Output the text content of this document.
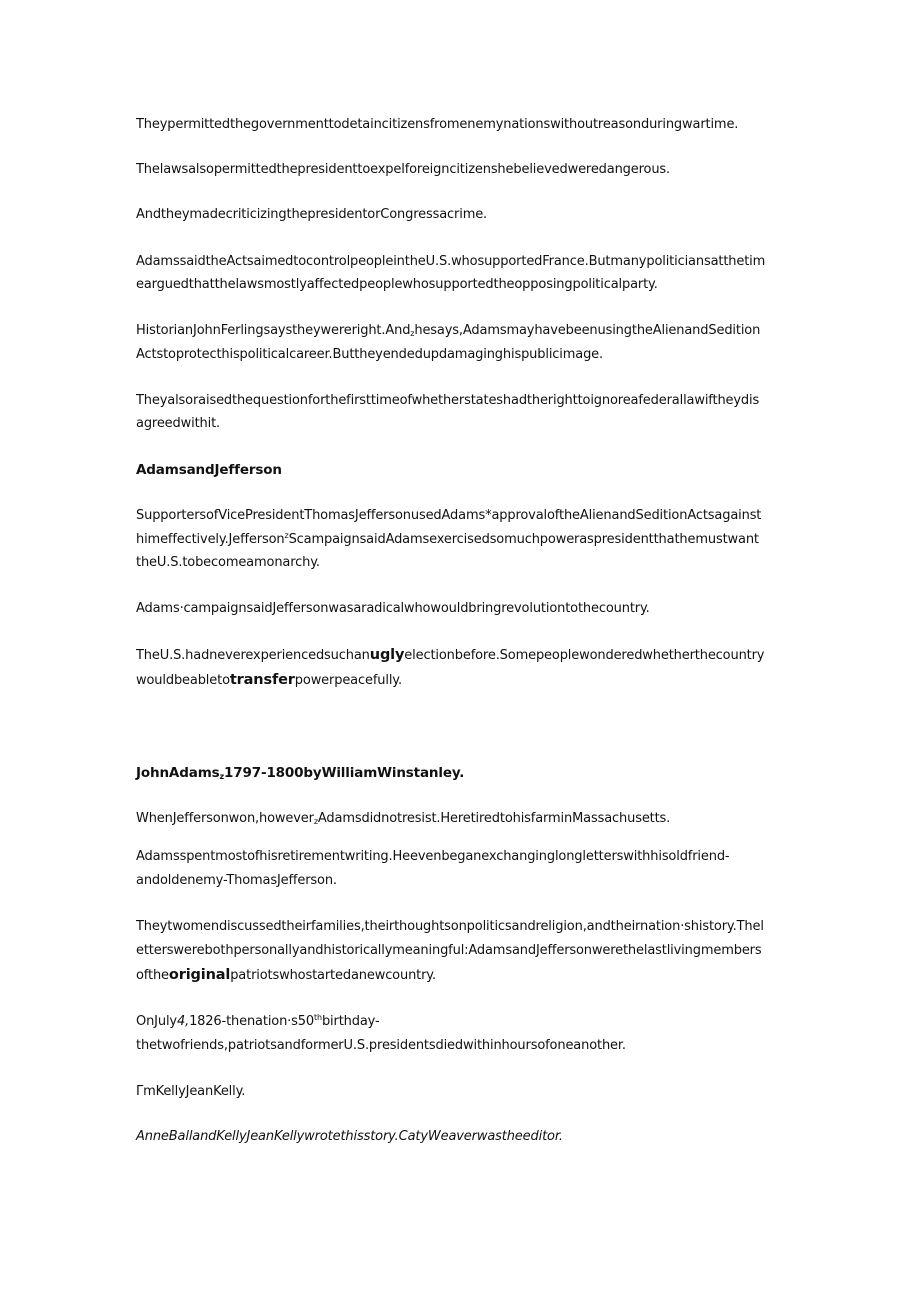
Theypermittedthegovernmenttodetaincitizensfromenemynationswithoutreasonduringwartime.
Thelawsalsopermittedthepresidenttoexpelforeigncitizenshebelievedweredangerous.
AndtheymadecriticizingthepresidentorCongressacrime.
AdamssaidtheActsaimedtocontrolpeopleintheU.S.whosupportedFrance.Butmanypoliticiansatthetim
earguedthatthelawsmostlyaffectedpeoplewhosupportedtheopposingpoliticalparty.
HistorianJohnFerlingsaystheywereright.Andzhesays,AdamsmayhavebeenusingtheAlienandSedition
Actstoprotecthispoliticalcareer.Buttheyendedupdamaginghispublicimage.
Theyalsoraisedthequestionforthefirsttimeofwhetherstateshadtherighttoignoreafederallawiftheydis
agreedwithit.
AdamsandJefferson
SupportersofVicePresidentThomasJeffersonusedAdams*approvaloftheAlienandSeditionActsagainst
himeffectively.Jefferson$^z$ScampaignsaidAdamsexercisedsomuchpoweraspresidentthathemustwant
theU.S.tobecomeamonarchy.
Adams·campaignsaidJeffersonwasaradicalwhowouldbringrevolutiontothecountry.
TheU.S.hadneverexperiencedsuchanuglyelectionbefore.Somepeoplewonderedwhetherthecountry
wouldbeabletotransferpowerpeacefully.
JohnAdamsz1797-1800byWilliamWinstanley.
WhenJeffersonwon,howeverzAdamsdidnotresist.HeretiredtohisfarminMassachusetts.
Adamsspentmostofhisretirementwriting.Heevenbeganexchanginglongletterswithhisoldfriend-
andoldenemy-ThomasJefferson.
Theytwomendiscussedtheirfamilies,theirthoughtsonpoliticsandreligion,andtheirnation·shistory.Thel
etterswerebothpersonallyandhistoricallymeaningful:AdamsandJeffersonwerethelastlivingmembers
oftheoriginalpatriotswhostartedanewcountry.
OnJuly4,1826-thenation·s50thbirthday-
thetwofriends,patriotsandformerU.S.presidentsdiedwithinhoursofoneanother.
ΓmKellyJeanKelly.
AnneBallandKellyJeanKellywrotethisstory.CatyWeaverwastheeditor.
